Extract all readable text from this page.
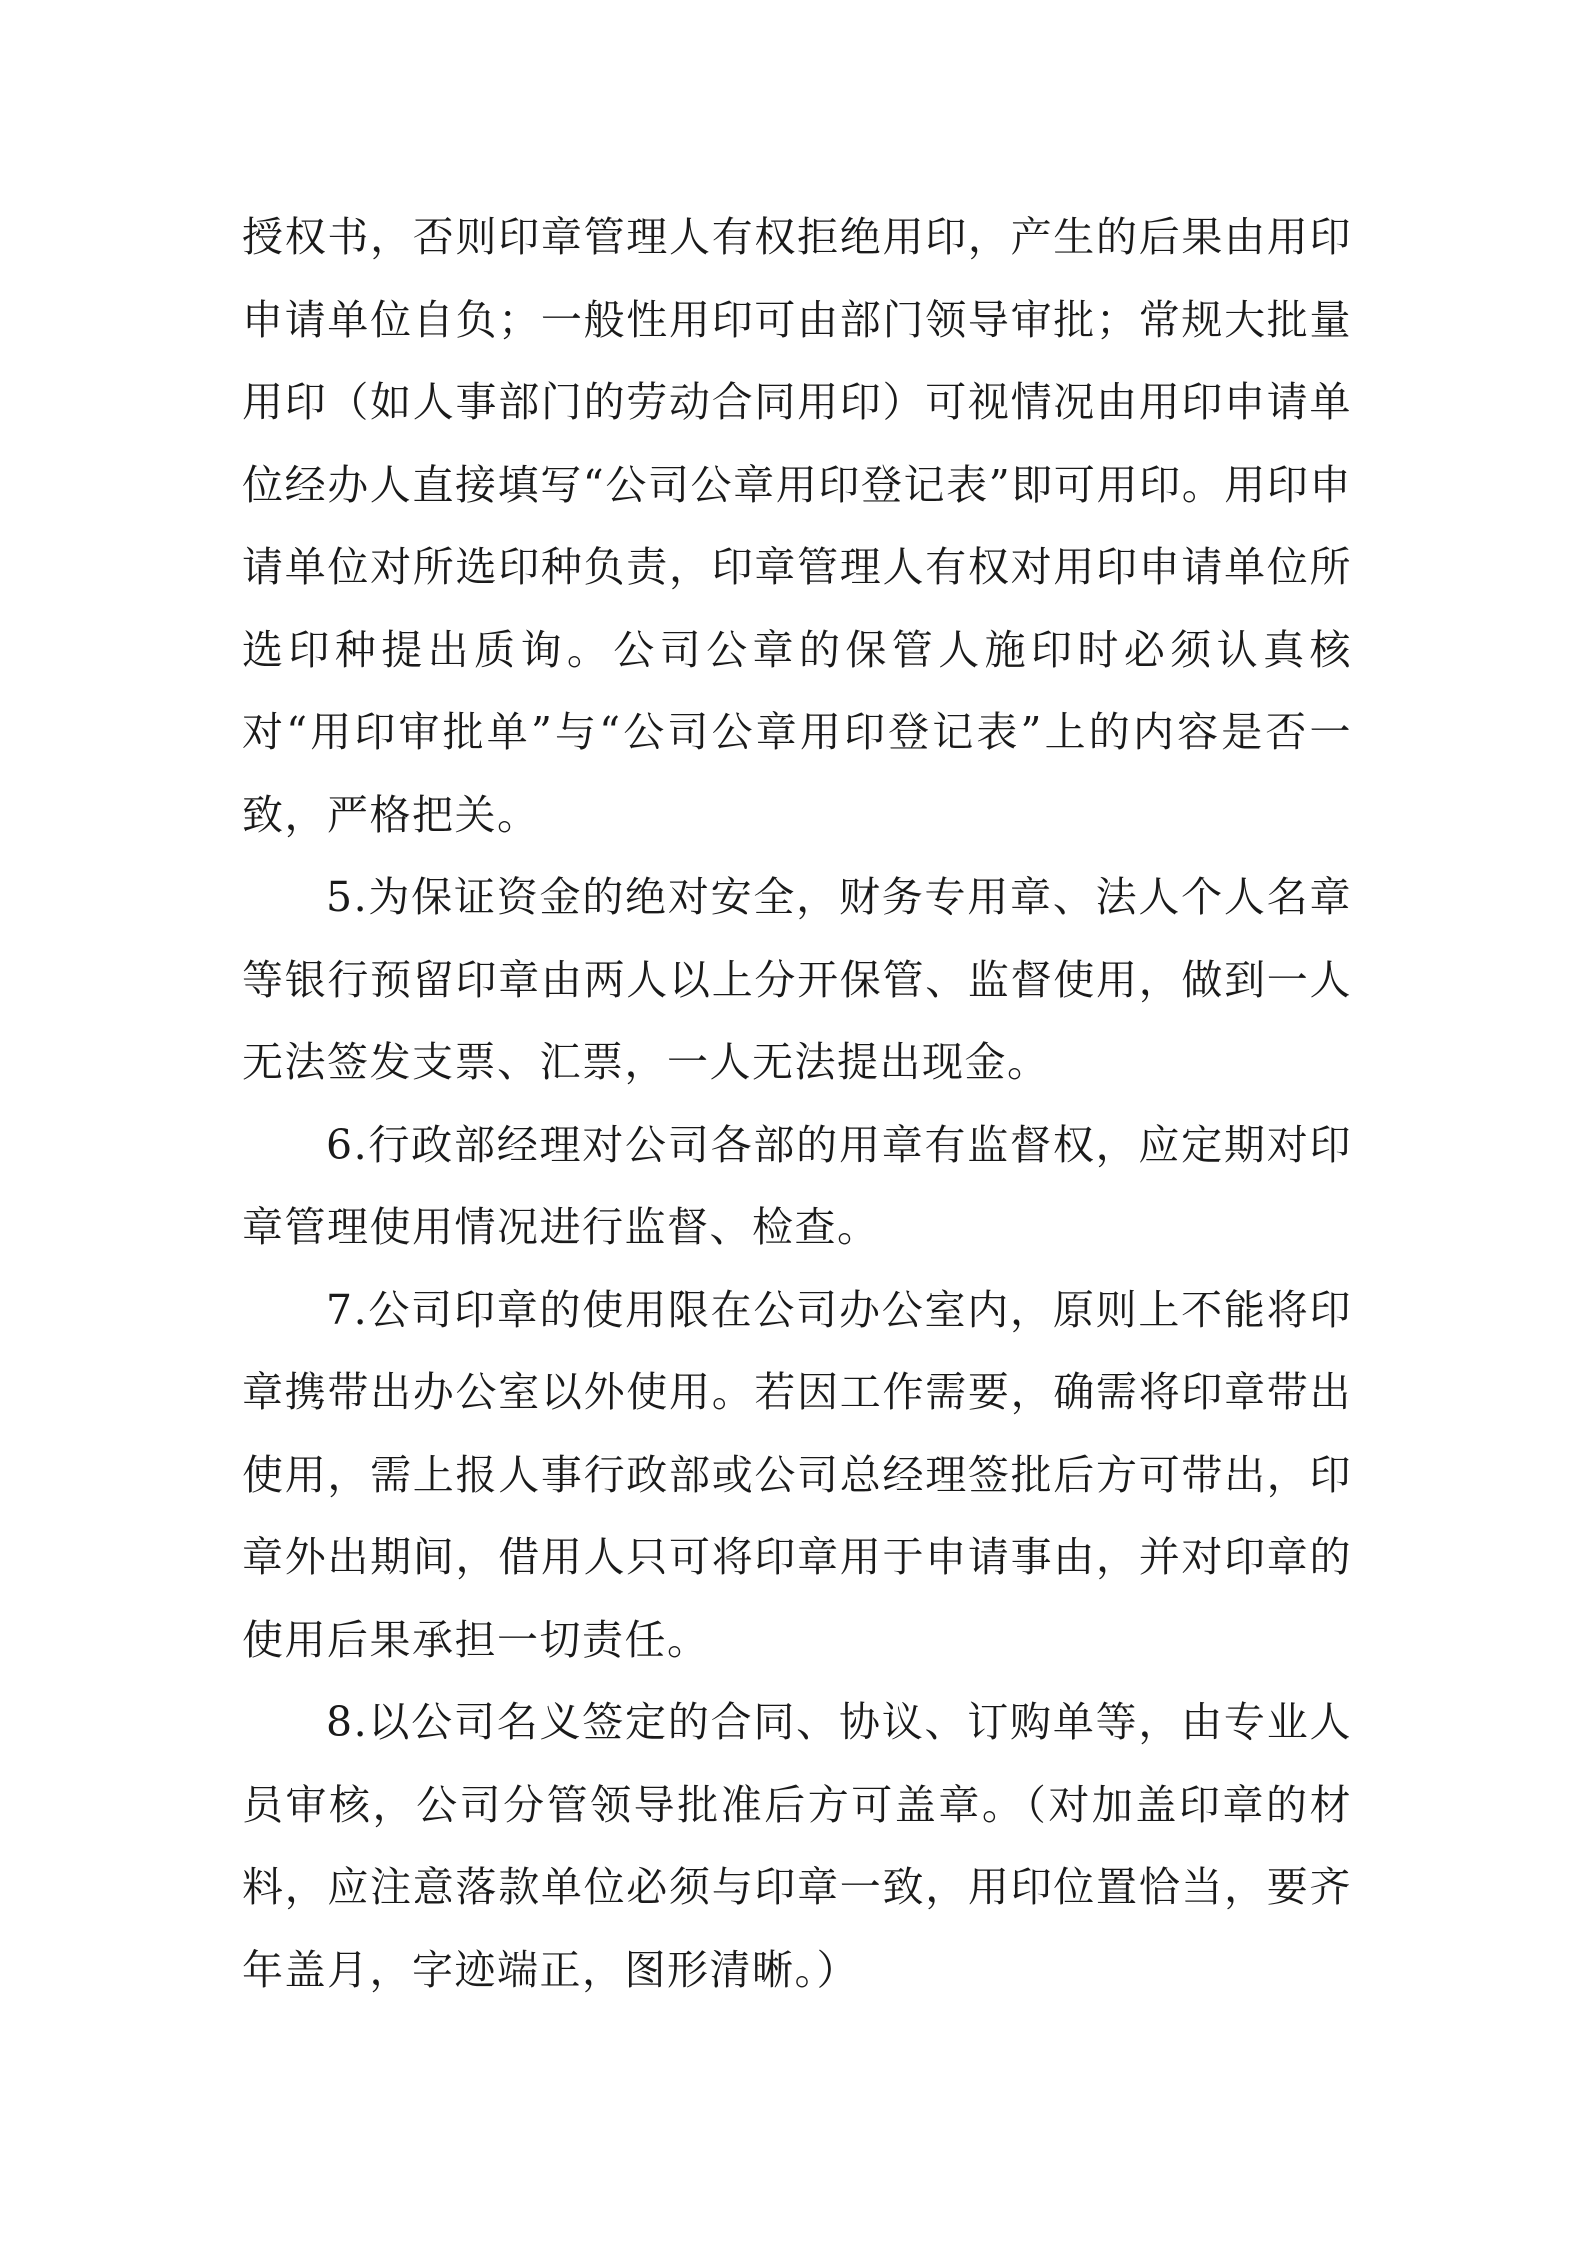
授权书，否则印章管理人有权拒绝用印，产生的后果由用印申请单位自负；一般性用印可由部门领导审批；常规大批量用印（如人事部门的劳动合同用印）可视情况由用印申请单位经办人直接填写“公司公章用印登记表”即可用印。用印申请单位对所选印种负责，印章管理人有权对用印申请单位所选印种提出质询。公司公章的保管人施印时必须认真核对“用印审批单”与“公司公章用印登记表”上的内容是否一致，严格把关。

5.为保证资金的绝对安全，财务专用章、法人个人名章等银行预留印章由两人以上分开保管、监督使用，做到一人无法签发支票、汇票，一人无法提出现金。

6.行政部经理对公司各部的用章有监督权，应定期对印章管理使用情况进行监督、检查。

7.公司印章的使用限在公司办公室内，原则上不能将印章携带出办公室以外使用。若因工作需要，确需将印章带出使用，需上报人事行政部或公司总经理签批后方可带出，印章外出期间，借用人只可将印章用于申请事由，并对印章的使用后果承担一切责任。

8.以公司名义签定的合同、协议、订购单等，由专业人员审核，公司分管领导批准后方可盖章。（对加盖印章的材料，应注意落款单位必须与印章一致，用印位置恰当，要齐年盖月，字迹端正，图形清晰。）
